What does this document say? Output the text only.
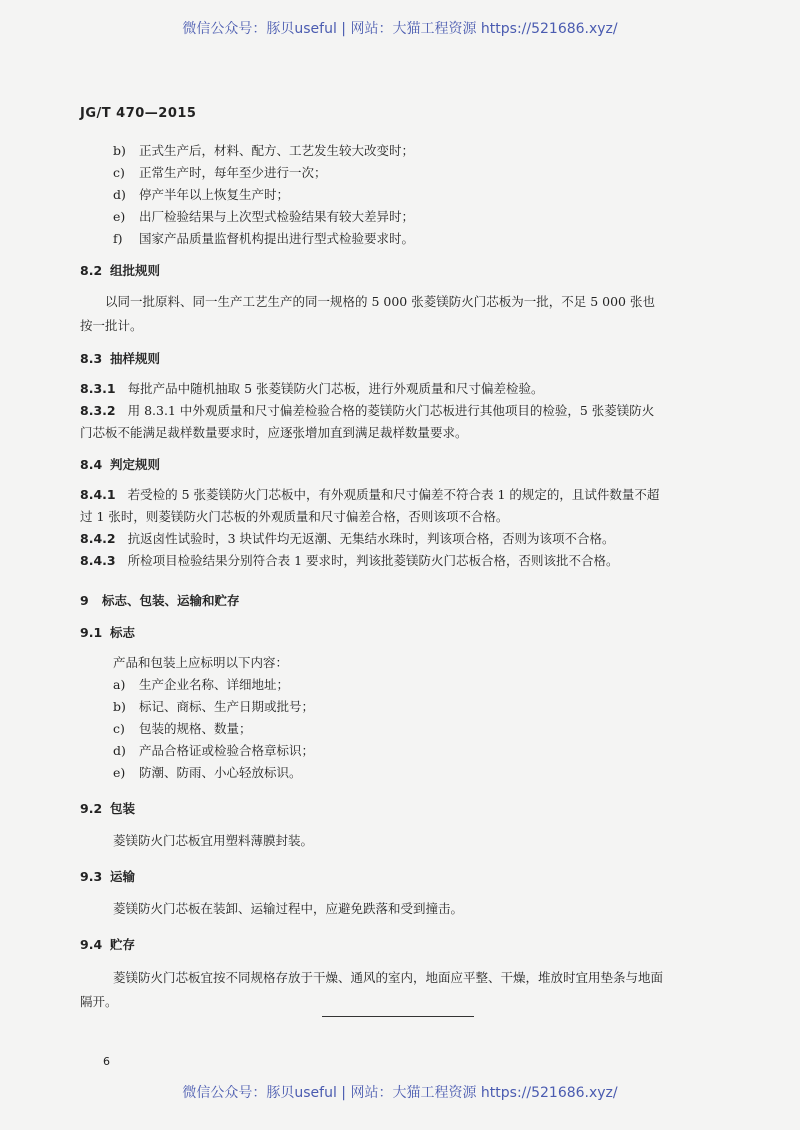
微信公众号：豚贝useful | 网站：大猫工程资源 https://521686.xyz/
JG/T 470—2015
b) 正式生产后，材料、配方、工艺发生较大改变时；
c) 正常生产时，每年至少进行一次；
d) 停产半年以上恢复生产时；
e) 出厂检验结果与上次型式检验结果有较大差异时；
f) 国家产品质量监督机构提出进行型式检验要求时。
8.2 组批规则
以同一批原料、同一生产工艺生产的同一规格的 5 000 张菱镁防火门芯板为一批，不足 5 000 张也
按一批计。
8.3 抽样规则
8.3.1 每批产品中随机抽取 5 张菱镁防火门芯板，进行外观质量和尺寸偏差检验。
8.3.2 用 8.3.1 中外观质量和尺寸偏差检验合格的菱镁防火门芯板进行其他项目的检验，5 张菱镁防火
门芯板不能满足裁样数量要求时，应逐张增加直到满足裁样数量要求。
8.4 判定规则
8.4.1 若受检的 5 张菱镁防火门芯板中，有外观质量和尺寸偏差不符合表 1 的规定的，且试件数量不超
过 1 张时，则菱镁防火门芯板的外观质量和尺寸偏差合格，否则该项不合格。
8.4.2 抗返卤性试验时，3 块试件均无返潮、无集结水珠时，判该项合格，否则为该项不合格。
8.4.3 所检项目检验结果分别符合表 1 要求时，判该批菱镁防火门芯板合格，否则该批不合格。
9 标志、包装、运输和贮存
9.1 标志
产品和包装上应标明以下内容：
a) 生产企业名称、详细地址；
b) 标记、商标、生产日期或批号；
c) 包装的规格、数量；
d) 产品合格证或检验合格章标识；
e) 防潮、防雨、小心轻放标识。
9.2 包装
菱镁防火门芯板宜用塑料薄膜封装。
9.3 运输
菱镁防火门芯板在装卸、运输过程中，应避免跌落和受到撞击。
9.4 贮存
菱镁防火门芯板宜按不同规格存放于干燥、通风的室内，地面应平整、干燥，堆放时宜用垫条与地面
隔开。
6
微信公众号：豚贝useful | 网站：大猫工程资源 https://521686.xyz/
